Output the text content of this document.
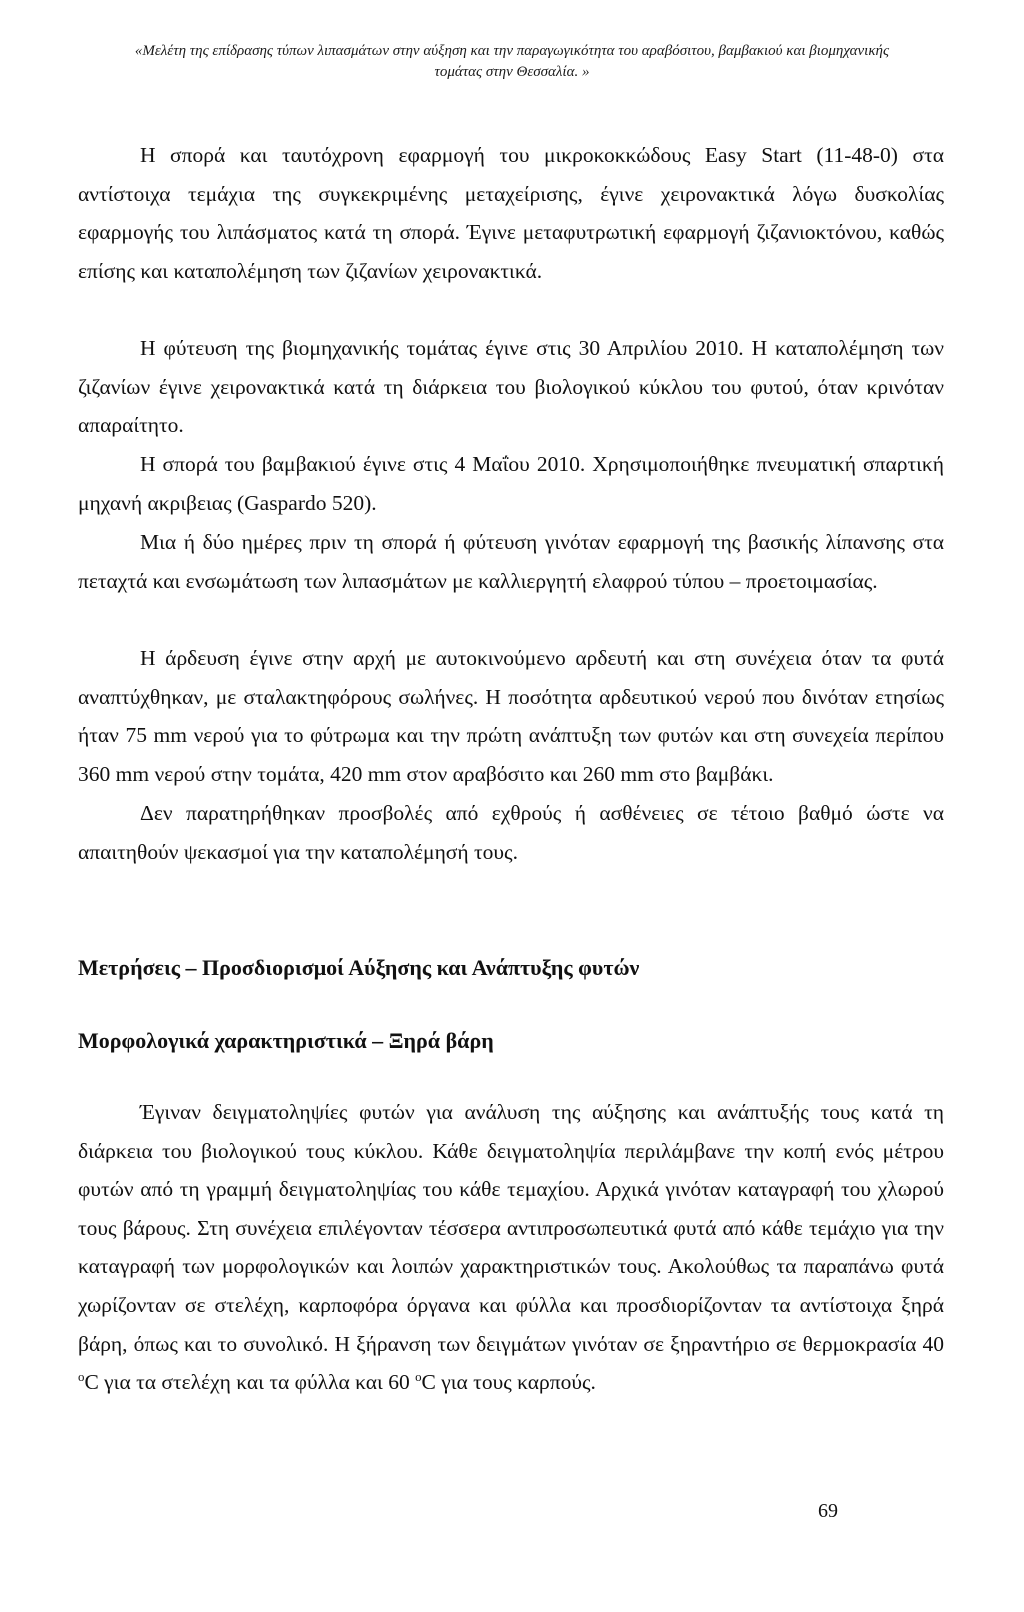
«Μελέτη της επίδρασης τύπων λιπασμάτων στην αύξηση και την παραγωγικότητα του αραβόσιτου, βαμβακιού και βιομηχανικής
τομάτας στην Θεσσαλία. »

Η σπορά και ταυτόχρονη εφαρμογή του μικροκοκκώδους Easy Start (11-48-0) στα αντίστοιχα τεμάχια της συγκεκριμένης μεταχείρισης, έγινε χειρονακτικά λόγω δυσκολίας εφαρμογής του λιπάσματος κατά τη σπορά. Έγινε μεταφυτρωτική εφαρμογή ζιζανιοκτόνου, καθώς επίσης και καταπολέμηση των ζιζανίων χειρονακτικά.

Η φύτευση της βιομηχανικής τομάτας έγινε στις 30 Απριλίου 2010. Η καταπολέμηση των ζιζανίων έγινε χειρονακτικά κατά τη διάρκεια του βιολογικού κύκλου του φυτού, όταν κρινόταν απαραίτητο.

Η σπορά του βαμβακιού έγινε στις 4 Μαΐου 2010. Χρησιμοποιήθηκε πνευματική σπαρτική μηχανή ακριβειας (Gaspardo 520).

Μια ή δύο ημέρες πριν τη σπορά ή φύτευση γινόταν εφαρμογή της βασικής λίπανσης στα πεταχτά και ενσωμάτωση των λιπασμάτων με καλλιεργητή ελαφρού τύπου – προετοιμασίας.

Η άρδευση έγινε στην αρχή με αυτοκινούμενο αρδευτή και στη συνέχεια όταν τα φυτά αναπτύχθηκαν, με σταλακτηφόρους σωλήνες. Η ποσότητα αρδευτικού νερού που δινόταν ετησίως ήταν 75 mm νερού για το φύτρωμα και την πρώτη ανάπτυξη των φυτών και στη συνεχεία περίπου 360 mm νερού στην τομάτα, 420 mm στον αραβόσιτο και 260 mm στο βαμβάκι.

Δεν παρατηρήθηκαν προσβολές από εχθρούς ή ασθένειες σε τέτοιο βαθμό ώστε να απαιτηθούν ψεκασμοί για την καταπολέμησή τους.

Μετρήσεις – Προσδιορισμοί Αύξησης και Ανάπτυξης φυτών
Μορφολογικά χαρακτηριστικά – Ξηρά βάρη

Έγιναν δειγματοληψίες φυτών για ανάλυση της αύξησης και ανάπτυξής τους κατά τη διάρκεια του βιολογικού τους κύκλου. Κάθε δειγματοληψία περιλάμβανε την κοπή ενός μέτρου φυτών από τη γραμμή δειγματοληψίας του κάθε τεμαχίου. Αρχικά γινόταν καταγραφή του χλωρού τους βάρους. Στη συνέχεια επιλέγονταν τέσσερα αντιπροσωπευτικά φυτά από κάθε τεμάχιο για την καταγραφή των μορφολογικών και λοιπών χαρακτηριστικών τους. Ακολούθως τα παραπάνω φυτά χωρίζονταν σε στελέχη, καρποφόρα όργανα και φύλλα και προσδιορίζονταν τα αντίστοιχα ξηρά βάρη, όπως και το συνολικό. Η ξήρανση των δειγμάτων γινόταν σε ξηραντήριο σε θερμοκρασία 40 $^o$C για τα στελέχη και τα φύλλα και 60 $^o$C για τους καρπούς.

69
